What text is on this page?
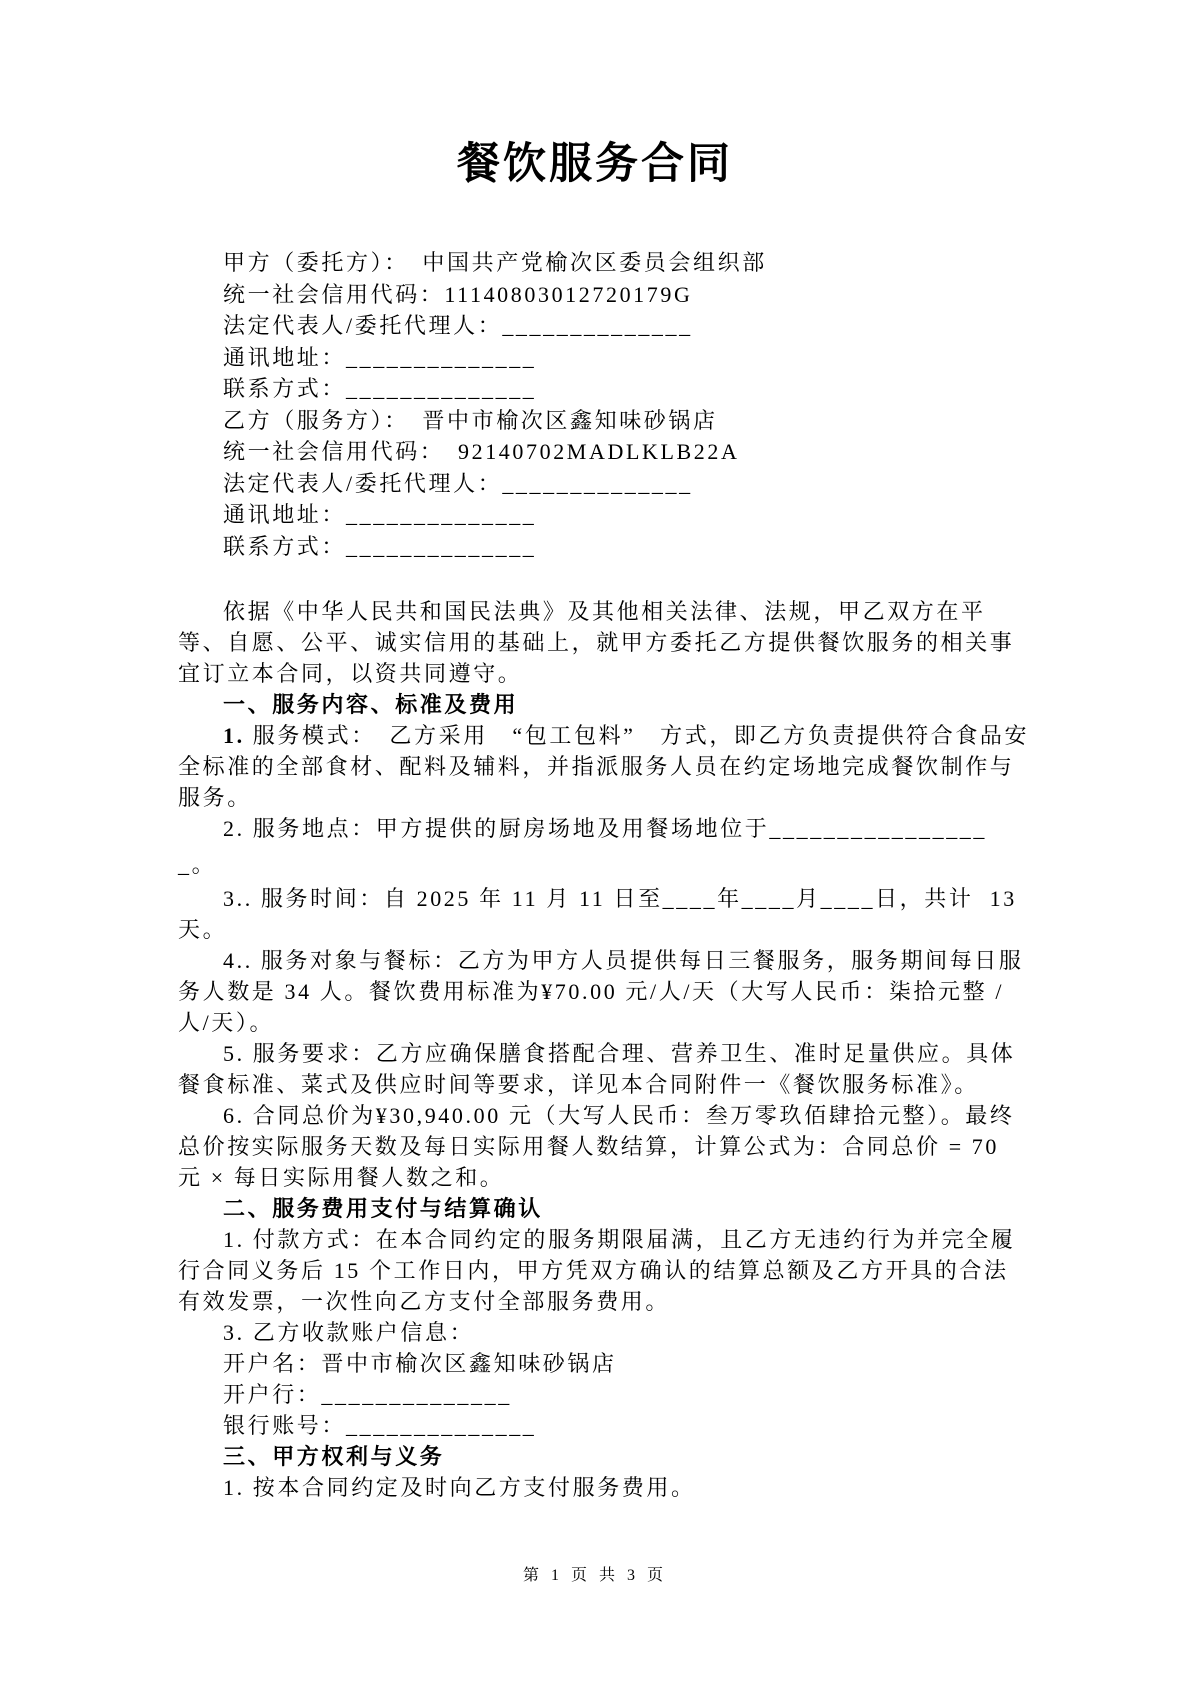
餐饮服务合同
甲方（委托方）：　中国共产党榆次区委员会组织部
统一社会信用代码：11140803012720179G
法定代表人/委托代理人：______________
通讯地址：______________
联系方式：______________
乙方（服务方）：　晋中市榆次区鑫知味砂锅店
统一社会信用代码：　92140702MADLKLB22A
法定代表人/委托代理人：______________
通讯地址：______________
联系方式：______________
依据《中华人民共和国民法典》及其他相关法律、法规，甲乙双方在平
等、自愿、公平、诚实信用的基础上，就甲方委托乙方提供餐饮服务的相关事
宜订立本合同，以资共同遵守。
一、服务内容、标准及费用
1. 服务模式：　乙方采用　“包工包料”　方式，即乙方负责提供符合食品安
全标准的全部食材、配料及辅料，并指派服务人员在约定场地完成餐饮制作与
服务。
2. 服务地点：甲方提供的厨房场地及用餐场地位于________________
_。
3.. 服务时间：自 2025 年 11 月 11 日至____年____月____日，共计  13
天。
4.. 服务对象与餐标：乙方为甲方人员提供每日三餐服务，服务期间每日服
务人数是 34 人。餐饮费用标准为¥70.00 元/人/天（大写人民币：柒拾元整 /
人/天）。
5. 服务要求：乙方应确保膳食搭配合理、营养卫生、准时足量供应。具体
餐食标准、菜式及供应时间等要求，详见本合同附件一《餐饮服务标准》。
6. 合同总价为¥30,940.00 元（大写人民币：叁万零玖佰肆拾元整）。最终
总价按实际服务天数及每日实际用餐人数结算，计算公式为：合同总价 = 70
元 × 每日实际用餐人数之和。
二、服务费用支付与结算确认
1. 付款方式：在本合同约定的服务期限届满，且乙方无违约行为并完全履
行合同义务后 15 个工作日内，甲方凭双方确认的结算总额及乙方开具的合法
有效发票，一次性向乙方支付全部服务费用。
3. 乙方收款账户信息：
开户名：晋中市榆次区鑫知味砂锅店
开户行：______________
银行账号：______________
三、甲方权利与义务
1. 按本合同约定及时向乙方支付服务费用。
第 1 页 共 3 页
